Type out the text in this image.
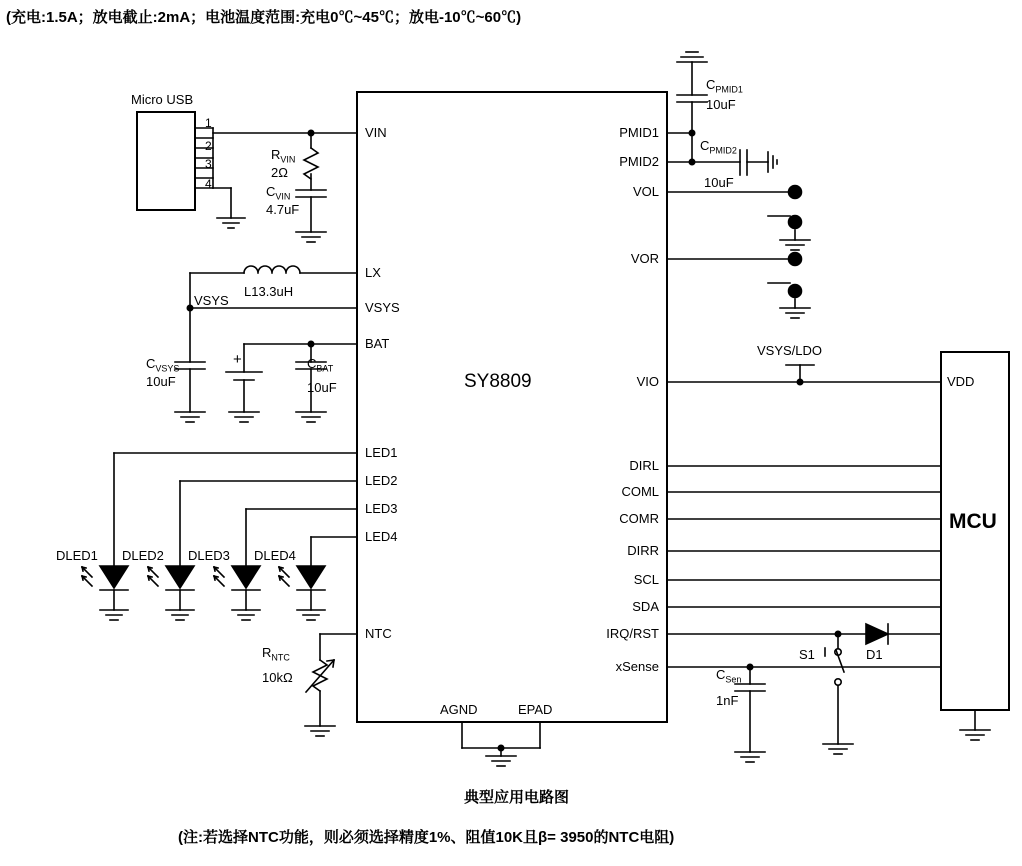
(充电:1.5A；放电截止:2mA；电池温度范围:充电0℃~45℃；放电-10℃~60℃)
Micro USB
1
2
3
4
SY8809
VIN
LX
VSYS
BAT
LED1
LED2
LED3
LED4
NTC
PMID1
PMID2
VOL
VOR
VIO
DIRL
COML
COMR
DIRR
SCL
SDA
IRQ/RST
xSense
AGND	EPAD
MCU
VDD
$R_{VIN}$
2Ω
$C_{VIN}$
4.7uF
L13.3uH
VSYS
VSYS/LDO
$C_{VSYS}$
10uF
+	$C_{BAT}$
10uF
$C_{PMID1}$
10uF
$C_{PMID2}$
10uF
$R_{NTC}$
10kΩ	$C_{Sen}$
1nF
D1
S1
DLED1 DLED2 DLED3 DLED4
典型应用电路图
(注:若选择NTC功能，则必须选择精度1%、阻值10K且β= 3950的NTC电阻)
